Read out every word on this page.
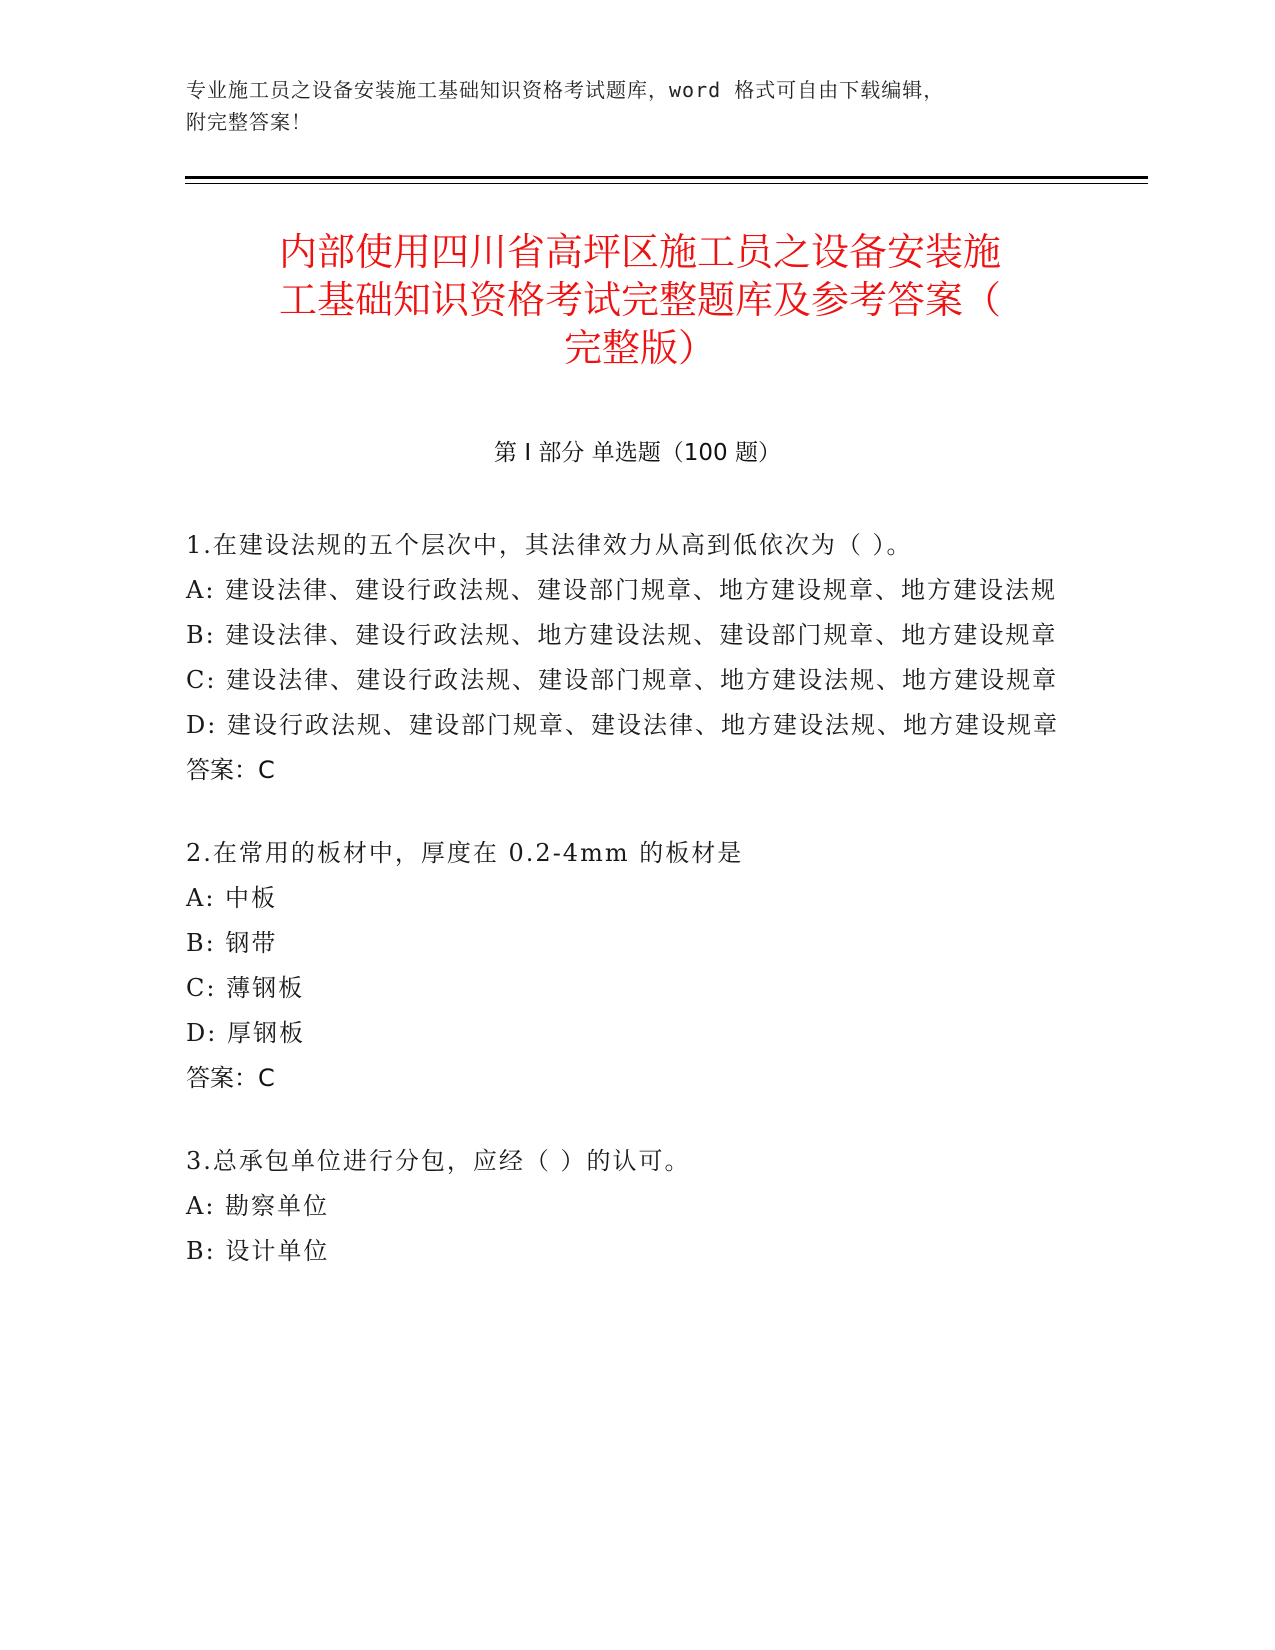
专业施工员之设备安装施工基础知识资格考试题库，word 格式可自由下载编辑，
附完整答案！
内部使用四川省高坪区施工员之设备安装施
工基础知识资格考试完整题库及参考答案（
完整版）
第 I 部分 单选题（100 题）
1.在建设法规的五个层次中，其法律效力从高到低依次为（ ）。
A: 建设法律、建设行政法规、建设部门规章、地方建设规章、地方建设法规
B: 建设法律、建设行政法规、地方建设法规、建设部门规章、地方建设规章
C: 建设法律、建设行政法规、建设部门规章、地方建设法规、地方建设规章
D: 建设行政法规、建设部门规章、建设法律、地方建设法规、地方建设规章
答案：C
2.在常用的板材中，厚度在 0.2-4mm 的板材是
A: 中板
B: 钢带
C: 薄钢板
D: 厚钢板
答案：C
3.总承包单位进行分包，应经（ ）的认可。
A: 勘察单位
B: 设计单位
